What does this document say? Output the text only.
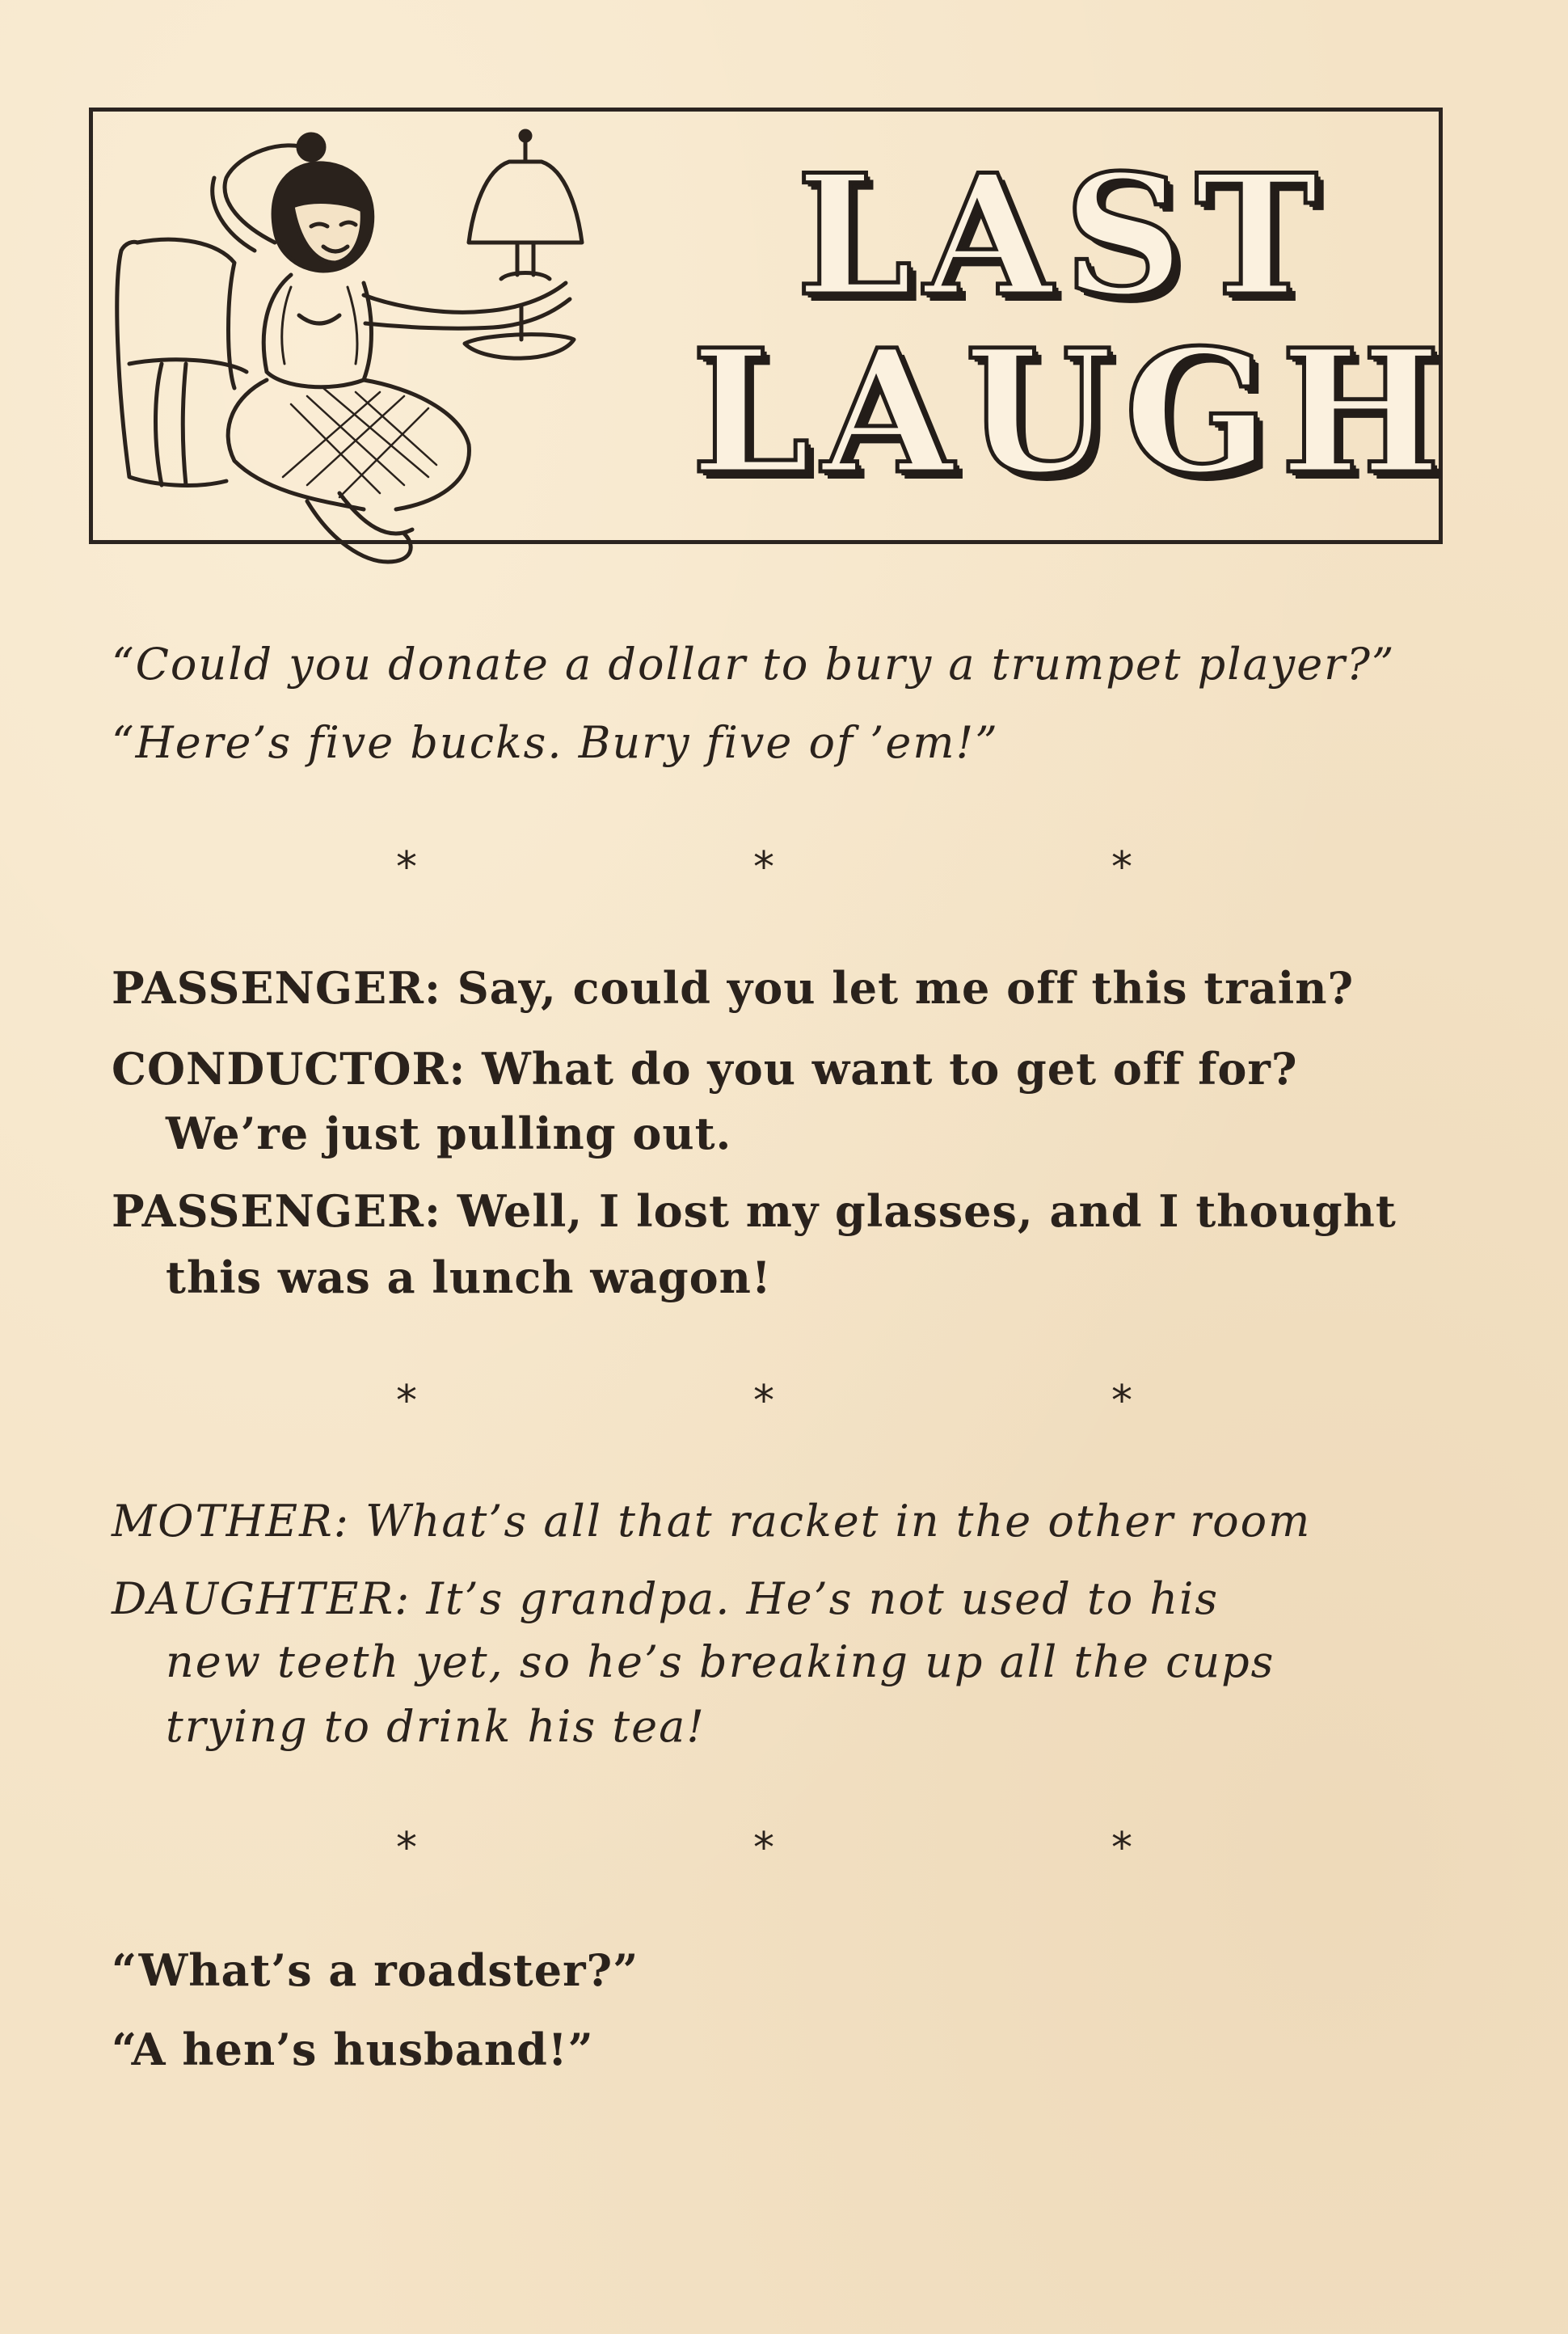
LAST
LAUGH
“Could you donate a dollar to bury a trumpet player?”
“Here’s five bucks. Bury five of ’em!”
*	*	*
PASSENGER: Say, could you let me off this train?
CONDUCTOR: What do you want to get off for?
We’re just pulling out.
PASSENGER: Well, I lost my glasses, and I thought
this was a lunch wagon!
*	*	*
MOTHER: What’s all that racket in the other room
DAUGHTER: It’s grandpa. He’s not used to his
new teeth yet, so he’s breaking up all the cups
trying to drink his tea!
*	*	*
“What’s a roadster?”
“A hen’s husband!”
